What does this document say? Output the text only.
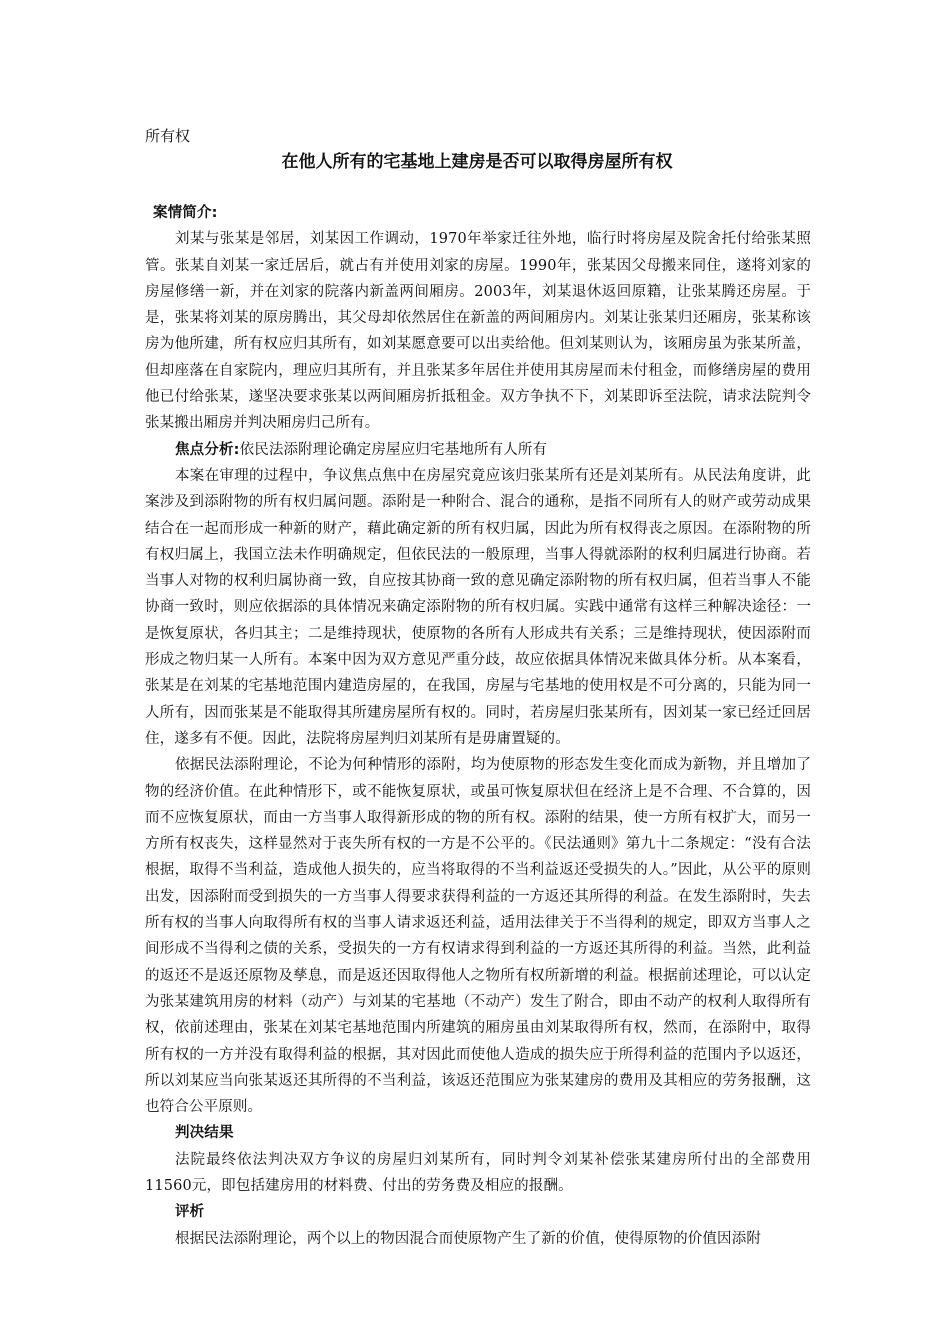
所有权
在他人所有的宅基地上建房是否可以取得房屋所有权
案情简介:

刘某与张某是邻居，刘某因工作调动，1970年举家迁往外地，临行时将房屋及院舍托付给张某照管。张某自刘某一家迁居后，就占有并使用刘家的房屋。1990年，张某因父母搬来同住，遂将刘家的房屋修缮一新，并在刘家的院落内新盖两间厢房。2003年，刘某退休返回原籍，让张某腾还房屋。于是，张某将刘某的原房腾出，其父母却依然居住在新盖的两间厢房内。刘某让张某归还厢房，张某称该房为他所建，所有权应归其所有，如刘某愿意要可以出卖给他。但刘某则认为，该厢房虽为张某所盖，但却座落在自家院内，理应归其所有，并且张某多年居住并使用其房屋而未付租金，而修缮房屋的费用他已付给张某，遂坚决要求张某以两间厢房折抵租金。双方争执不下，刘某即诉至法院，请求法院判令张某搬出厢房并判决厢房归己所有。

焦点分析:依民法添附理论确定房屋应归宅基地所有人所有

本案在审理的过程中，争议焦点焦中在房屋究竟应该归张某所有还是刘某所有。从民法角度讲，此案涉及到添附物的所有权归属问题。添附是一种附合、混合的通称，是指不同所有人的财产或劳动成果结合在一起而形成一种新的财产，藉此确定新的所有权归属，因此为所有权得丧之原因。在添附物的所有权归属上，我国立法未作明确规定，但依民法的一般原理，当事人得就添附的权利归属进行协商。若当事人对物的权利归属协商一致，自应按其协商一致的意见确定添附物的所有权归属，但若当事人不能协商一致时，则应依据添的具体情况来确定添附物的所有权归属。实践中通常有这样三种解决途径：一是恢复原状，各归其主；二是维持现状，使原物的各所有人形成共有关系；三是维持现状，使因添附而形成之物归某一人所有。本案中因为双方意见严重分歧，故应依据具体情况来做具体分析。从本案看，张某是在刘某的宅基地范围内建造房屋的，在我国，房屋与宅基地的使用权是不可分离的，只能为同一人所有，因而张某是不能取得其所建房屋所有权的。同时，若房屋归张某所有，因刘某一家已经迁回居住，遂多有不便。因此，法院将房屋判归刘某所有是毋庸置疑的。

依据民法添附理论，不论为何种情形的添附，均为使原物的形态发生变化而成为新物，并且增加了物的经济价值。在此种情形下，或不能恢复原状，或虽可恢复原状但在经济上是不合理、不合算的，因而不应恢复原状，而由一方当事人取得新形成的物的所有权。添附的结果，使一方所有权扩大，而另一方所有权丧失，这样显然对于丧失所有权的一方是不公平的。《民法通则》第九十二条规定：“没有合法根据，取得不当利益，造成他人损失的，应当将取得的不当利益返还受损失的人。”因此，从公平的原则出发，因添附而受到损失的一方当事人得要求获得利益的一方返还其所得的利益。在发生添附时，失去所有权的当事人向取得所有权的当事人请求返还利益，适用法律关于不当得利的规定，即双方当事人之间形成不当得利之债的关系，受损失的一方有权请求得到利益的一方返还其所得的利益。当然，此利益的返还不是返还原物及孳息，而是返还因取得他人之物所有权所新增的利益。根据前述理论，可以认定为张某建筑用房的材料（动产）与刘某的宅基地（不动产）发生了附合，即由不动产的权利人取得所有权，依前述理由，张某在刘某宅基地范围内所建筑的厢房虽由刘某取得所有权，然而，在添附中，取得所有权的一方并没有取得利益的根据，其对因此而使他人造成的损失应于所得利益的范围内予以返还，所以刘某应当向张某返还其所得的不当利益，该返还范围应为张某建房的费用及其相应的劳务报酬，这也符合公平原则。

判决结果

法院最终依法判决双方争议的房屋归刘某所有，同时判令刘某补偿张某建房所付出的全部费用11560元，即包括建房用的材料费、付出的劳务费及相应的报酬。

评析

根据民法添附理论，两个以上的物因混合而使原物产生了新的价值，使得原物的价值因添附
